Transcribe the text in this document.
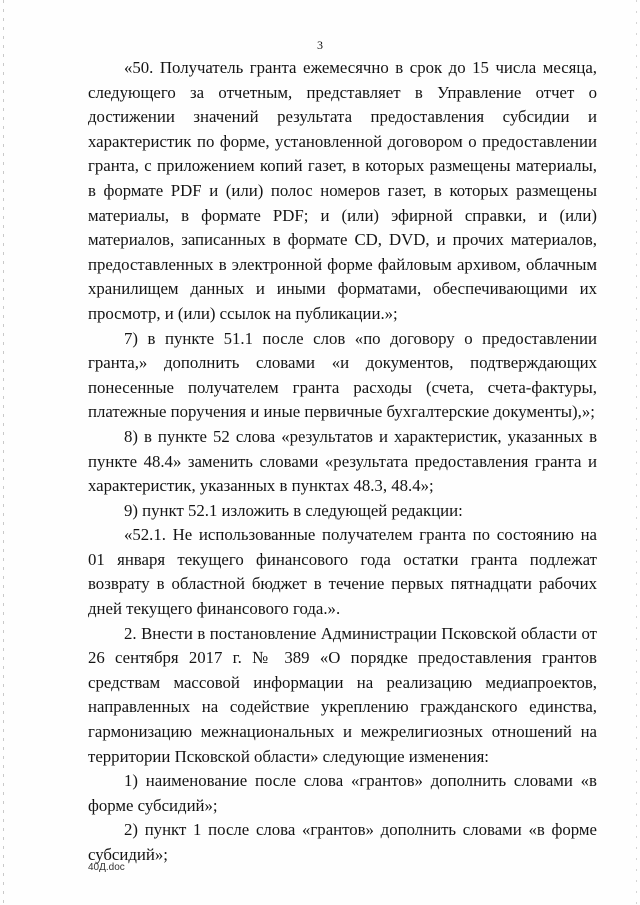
3

«50. Получатель гранта ежемесячно в срок до 15 числа месяца, следующего за отчетным, представляет в Управление отчет о достижении значений результата предоставления субсидии и характеристик по форме, установленной договором о предоставлении гранта, с приложением копий газет, в которых размещены материалы, в формате PDF и (или) полос номеров газет, в которых размещены материалы, в формате PDF; и (или) эфирной справки, и (или) материалов, записанных в формате CD, DVD, и прочих материалов, предоставленных в электронной форме файловым архивом, облачным хранилищем данных и иными форматами, обеспечивающими их просмотр, и (или) ссылок на публикации.»;

7) в пункте 51.1 после слов «по договору о предоставлении гранта,» дополнить словами «и документов, подтверждающих понесенные получателем гранта расходы (счета, счета-фактуры, платежные поручения и иные первичные бухгалтерские документы),»;

8) в пункте 52 слова «результатов и характеристик, указанных в пункте 48.4» заменить словами «результата предоставления гранта и характеристик, указанных в пунктах 48.3, 48.4»;

9) пункт 52.1 изложить в следующей редакции:

«52.1. Не использованные получателем гранта по состоянию на 01 января текущего финансового года остатки гранта подлежат возврату в областной бюджет в течение первых пятнадцати рабочих дней текущего финансового года.».

2. Внести в постановление Администрации Псковской области от 26 сентября 2017 г. № 389 «О порядке предоставления грантов средствам массовой информации на реализацию медиапроектов, направленных на содействие укреплению гражданского единства, гармонизацию межнациональных и межрелигиозных отношений на территории Псковской области» следующие изменения:

1) наименование после слова «грантов» дополнить словами «в форме субсидий»;

2) пункт 1 после слова «грантов» дополнить словами «в форме субсидий»;

40Д.doc
